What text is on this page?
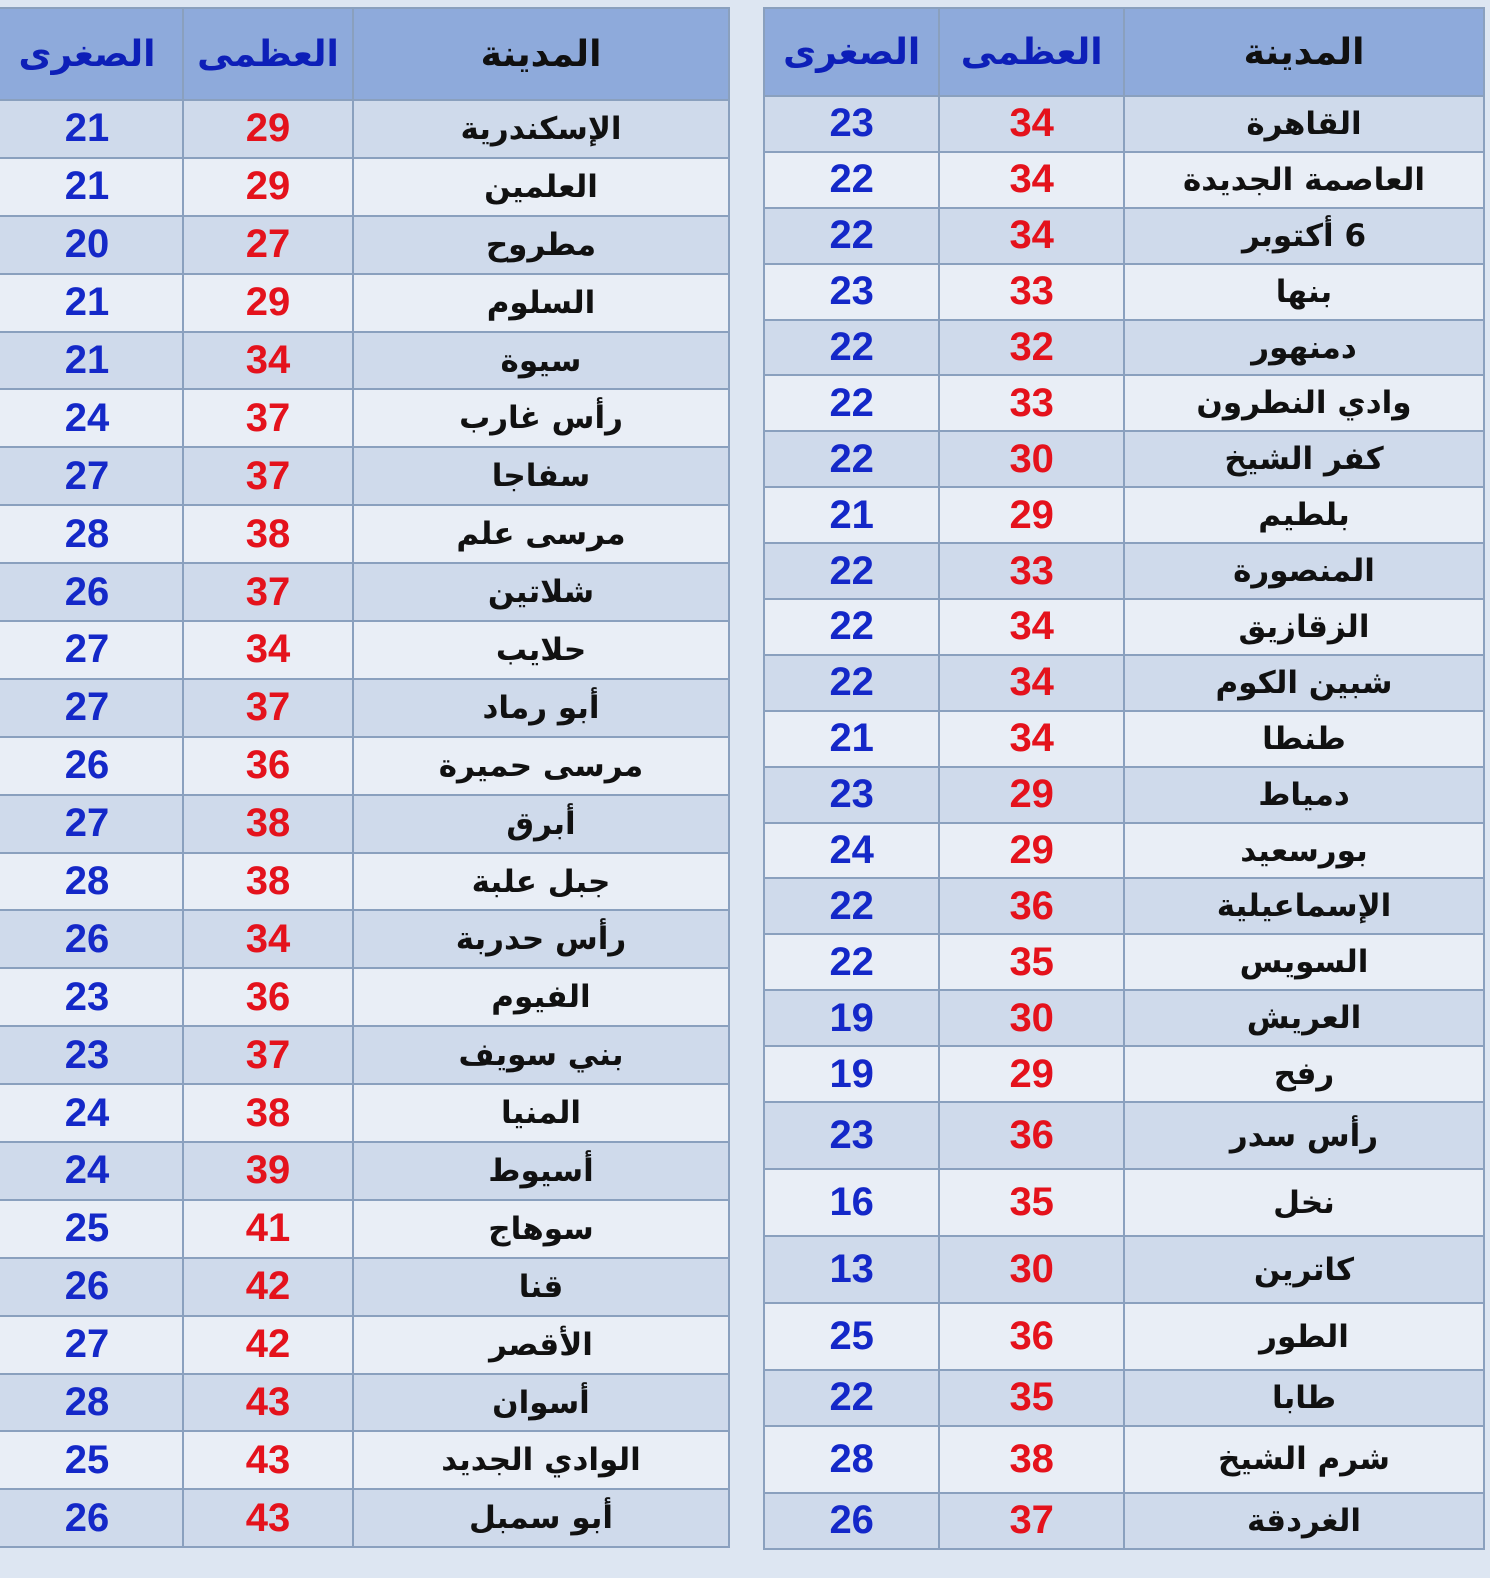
المدينة	العظمى	الصغرى
القاهرة	34	23
العاصمة الجديدة	34	22
6 أكتوبر	34	22
بنها	33	23
دمنهور	32	22
وادي النطرون	33	22
كفر الشيخ	30	22
بلطيم	29	21
المنصورة	33	22
الزقازيق	34	22
شبين الكوم	34	22
طنطا	34	21
دمياط	29	23
بورسعيد	29	24
الإسماعيلية	36	22
السويس	35	22
العريش	30	19
رفح	29	19
رأس سدر	36	23
نخل	35	16
كاترين	30	13
الطور	36	25
طابا	35	22
شرم الشيخ	38	28
الغردقة	37	26
المدينة	العظمى	الصغرى
الإسكندرية	29	21
العلمين	29	21
مطروح	27	20
السلوم	29	21
سيوة	34	21
رأس غارب	37	24
سفاجا	37	27
مرسى علم	38	28
شلاتين	37	26
حلايب	34	27
أبو رماد	37	27
مرسى حميرة	36	26
أبرق	38	27
جبل علبة	38	28
رأس حدربة	34	26
الفيوم	36	23
بني سويف	37	23
المنيا	38	24
أسيوط	39	24
سوهاج	41	25
قنا	42	26
الأقصر	42	27
أسوان	43	28
الوادي الجديد	43	25
أبو سمبل	43	26
